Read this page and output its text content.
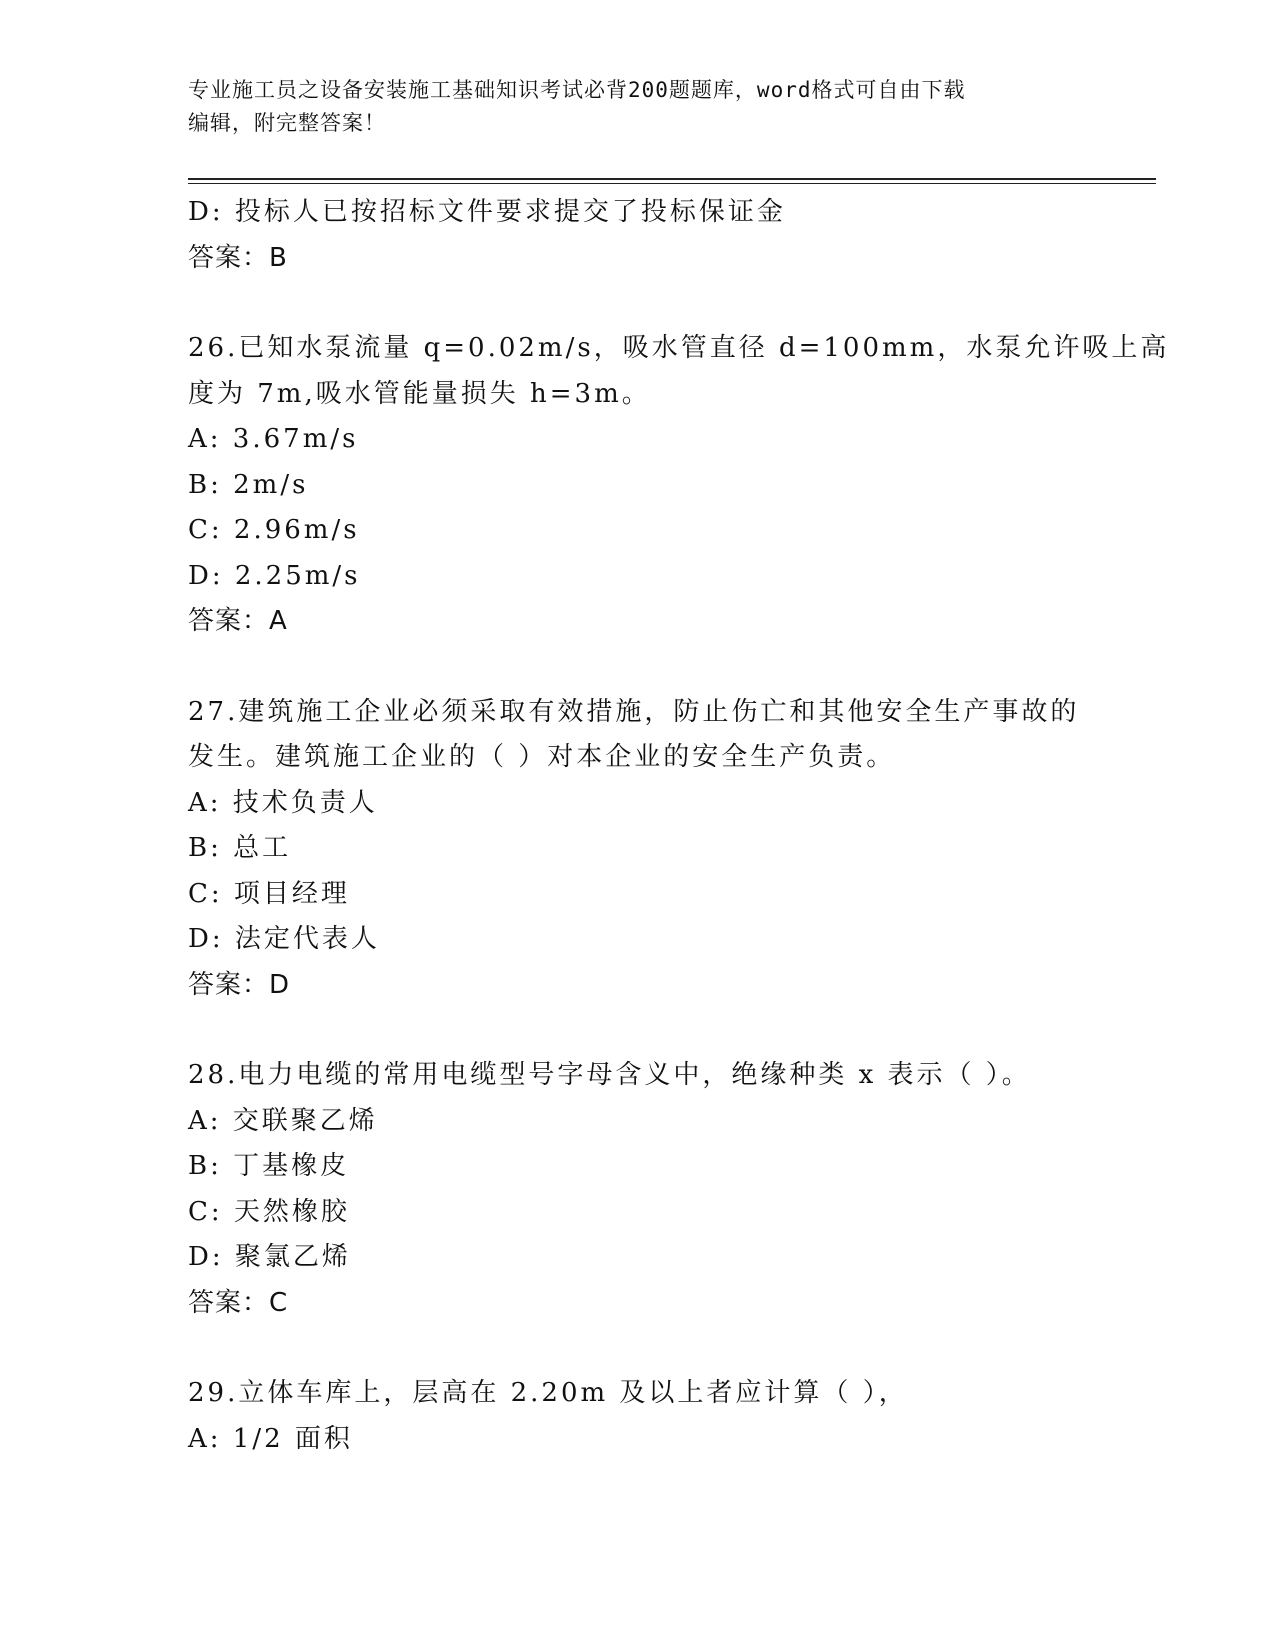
专业施工员之设备安装施工基础知识考试必背200题题库，word格式可自由下载
编辑，附完整答案！
D: 投标人已按招标文件要求提交了投标保证金
答案：B
26.已知水泵流量 q=0.02m/s，吸水管直径 d=100mm，水泵允许吸上高
度为 7m,吸水管能量损失 h=3m。
A: 3.67m/s
B: 2m/s
C: 2.96m/s
D: 2.25m/s
答案：A
27.建筑施工企业必须采取有效措施，防止伤亡和其他安全生产事故的
发生。建筑施工企业的（ ）对本企业的安全生产负责。
A: 技术负责人
B: 总工
C: 项目经理
D: 法定代表人
答案：D
28.电力电缆的常用电缆型号字母含义中，绝缘种类 x 表示（ ）。
A: 交联聚乙烯
B: 丁基橡皮
C: 天然橡胶
D: 聚氯乙烯
答案：C
29.立体车库上，层高在 2.20m 及以上者应计算（ ），
A: 1/2 面积
